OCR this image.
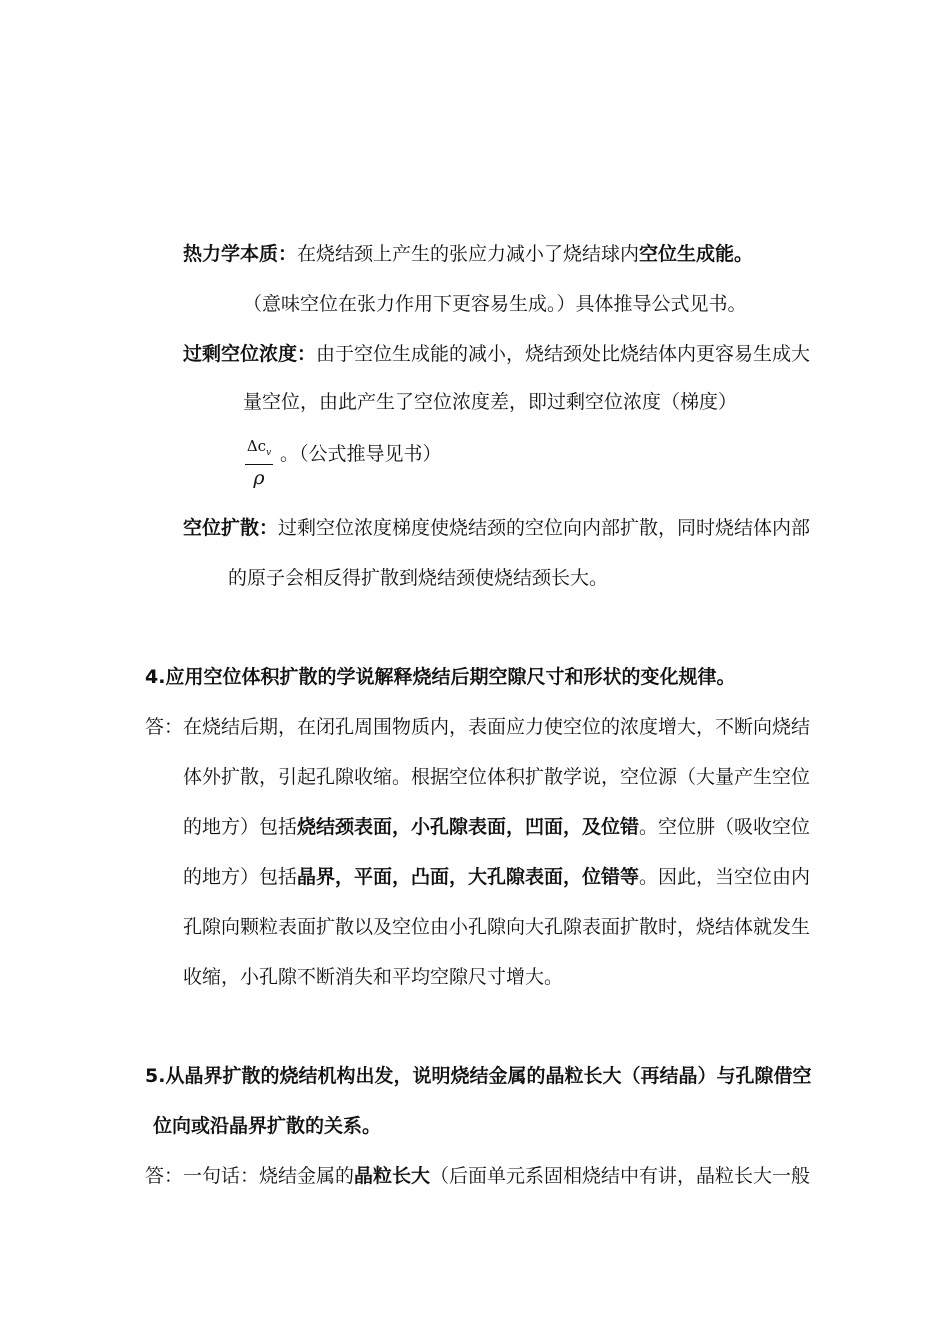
热力学本质：在烧结颈上产生的张应力减小了烧结球内空位生成能。
（意味空位在张力作用下更容易生成。）具体推导公式见书。
过剩空位浓度：由于空位生成能的减小，烧结颈处比烧结体内更容易生成大
量空位，由此产生了空位浓度差，即过剩空位浓度（梯度）
$\Delta c_v$
ρ
。（公式推导见书）
空位扩散：过剩空位浓度梯度使烧结颈的空位向内部扩散，同时烧结体内部
的原子会相反得扩散到烧结颈使烧结颈长大。
4.应用空位体积扩散的学说解释烧结后期空隙尺寸和形状的变化规律。
答：在烧结后期，在闭孔周围物质内，表面应力使空位的浓度增大，不断向烧结
体外扩散，引起孔隙收缩。根据空位体积扩散学说，空位源（大量产生空位
的地方）包括烧结颈表面，小孔隙表面，凹面，及位错。空位肼（吸收空位
的地方）包括晶界，平面，凸面，大孔隙表面，位错等。因此，当空位由内
孔隙向颗粒表面扩散以及空位由小孔隙向大孔隙表面扩散时，烧结体就发生
收缩，小孔隙不断消失和平均空隙尺寸增大。
5.从晶界扩散的烧结机构出发，说明烧结金属的晶粒长大（再结晶）与孔隙借空
位向或沿晶界扩散的关系。
答：一句话：烧结金属的晶粒长大（后面单元系固相烧结中有讲，晶粒长大一般
